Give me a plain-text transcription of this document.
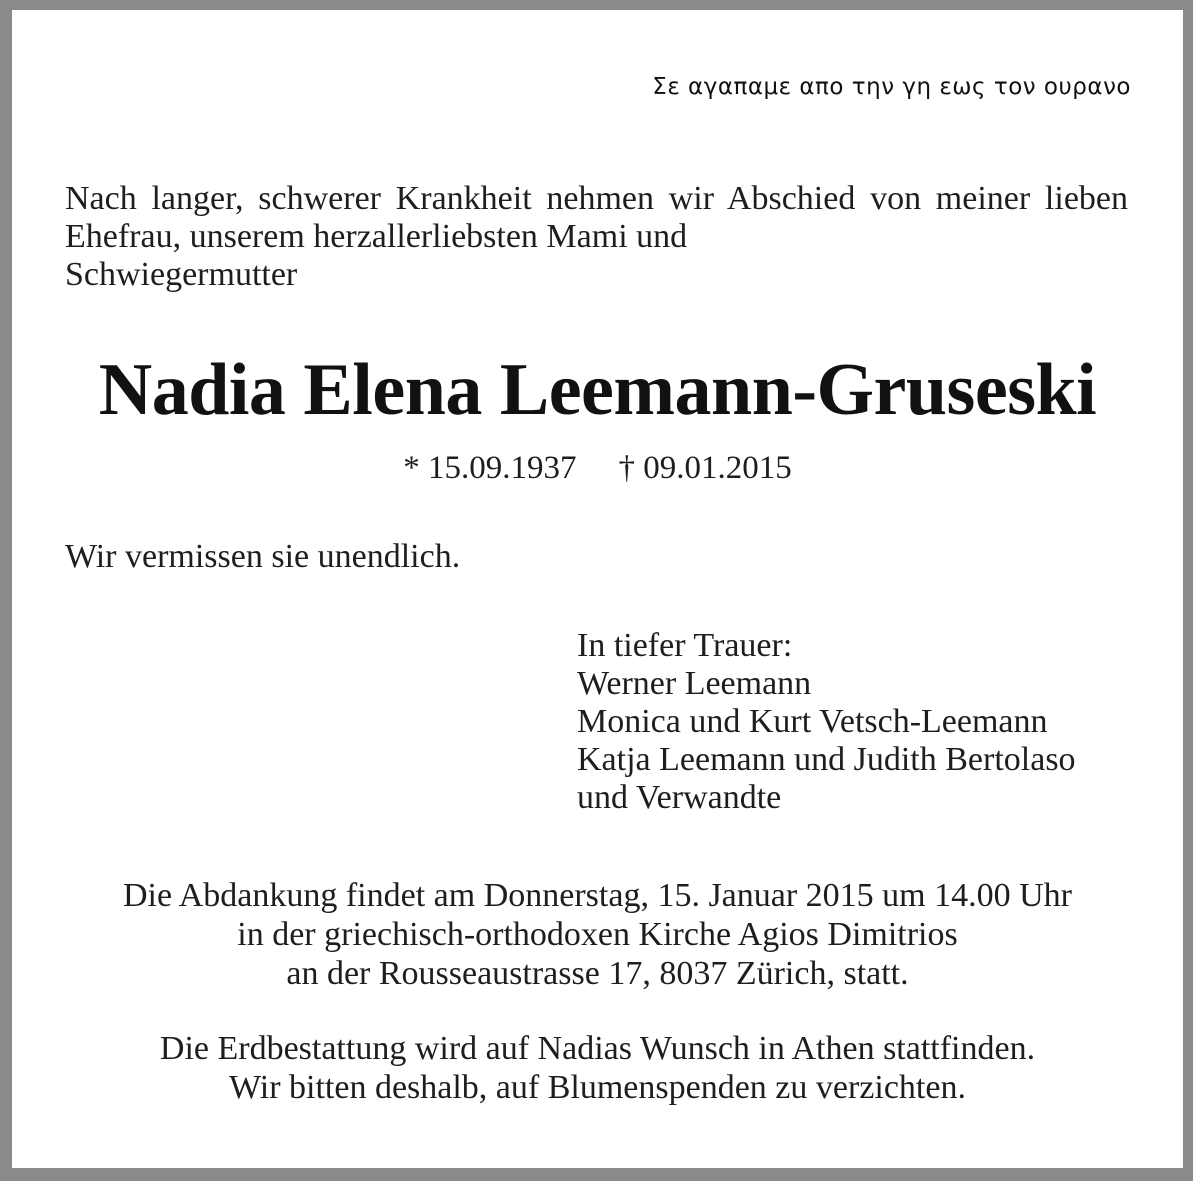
Σε αγαπαμε απο την γη εως τον ουρανο
Nach langer, schwerer Krankheit nehmen wir Abschied von meiner lieben Ehefrau, unserem herzallerliebsten Mami und
Schwiegermutter
Nadia Elena Leemann-Gruseski
* 15.09.1937 † 09.01.2015
Wir vermissen sie unendlich.
In tiefer Trauer:
Werner Leemann
Monica und Kurt Vetsch-Leemann
Katja Leemann und Judith Bertolaso
und Verwandte
Die Abdankung findet am Donnerstag, 15. Januar 2015 um 14.00 Uhr
in der griechisch-orthodoxen Kirche Agios Dimitrios
an der Rousseaustrasse 17, 8037 Zürich, statt.
Die Erdbestattung wird auf Nadias Wunsch in Athen stattfinden.
Wir bitten deshalb, auf Blumenspenden zu verzichten.
